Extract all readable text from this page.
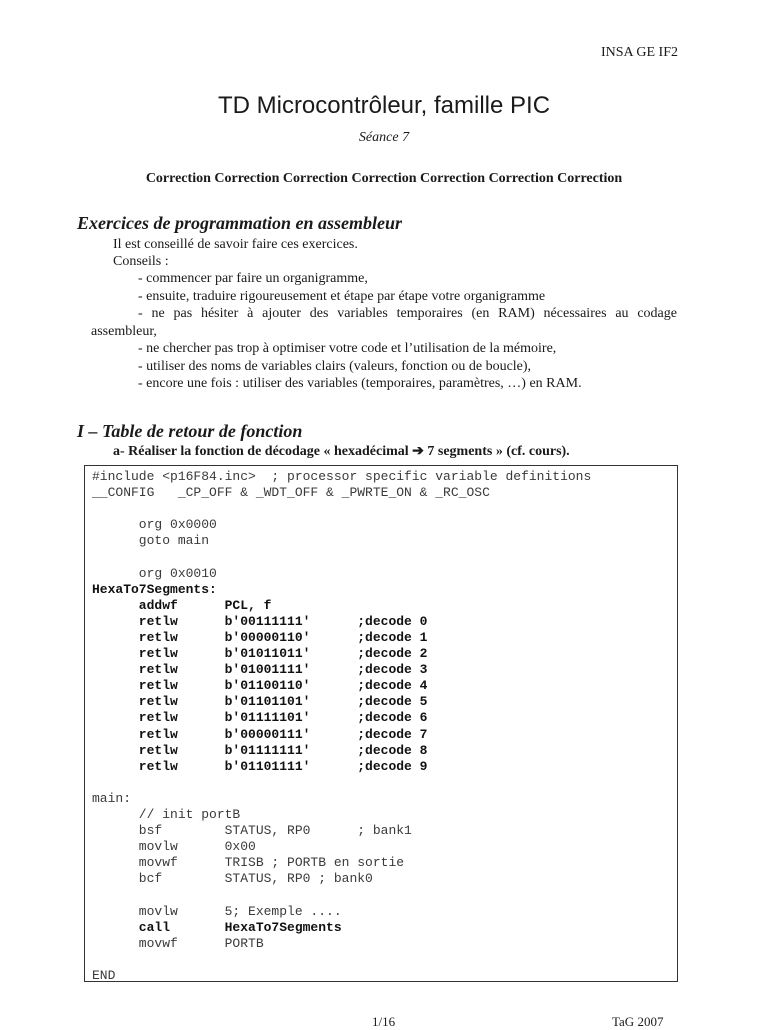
INSA GE IF2
TD Microcontrôleur, famille PIC
Séance 7
Correction Correction Correction Correction Correction Correction Correction
Exercices de programmation en assembleur
Il est conseillé de savoir faire ces exercices.
Conseils :
- commencer par faire un organigramme,
- ensuite, traduire rigoureusement et étape par étape votre organigramme
- ne pas hésiter à ajouter des variables temporaires (en RAM) nécessaires au codage assembleur,
- ne chercher pas trop à optimiser votre code et l’utilisation de la mémoire,
- utiliser des noms de variables clairs (valeurs, fonction ou de boucle),
- encore une fois : utiliser des variables (temporaires, paramètres, …) en RAM.
I – Table de retour de fonction
a- Réaliser la fonction de décodage « hexadécimal ➔ 7 segments » (cf. cours).
#include <p16F84.inc>  ; processor specific variable definitions
__CONFIG   _CP_OFF & _WDT_OFF & _PWRTE_ON & _RC_OSC

org 0x0000
goto main

org 0x0010
HexaTo7Segments:
addwf      PCL, f
retlw      b'00111111'      ;decode 0
retlw      b'00000110'      ;decode 1
retlw      b'01011011'      ;decode 2
retlw      b'01001111'      ;decode 3
retlw      b'01100110'      ;decode 4
retlw      b'01101101'      ;decode 5
retlw      b'01111101'      ;decode 6
retlw      b'00000111'      ;decode 7
retlw      b'01111111'      ;decode 8
retlw      b'01101111'      ;decode 9

main:
// init portB
bsf        STATUS, RP0      ; bank1
movlw      0x00
movwf      TRISB ; PORTB en sortie
bcf        STATUS, RP0 ; bank0

movlw      5; Exemple ....
call       HexaTo7Segments
movwf      PORTB

END
1/16	TaG 2007
